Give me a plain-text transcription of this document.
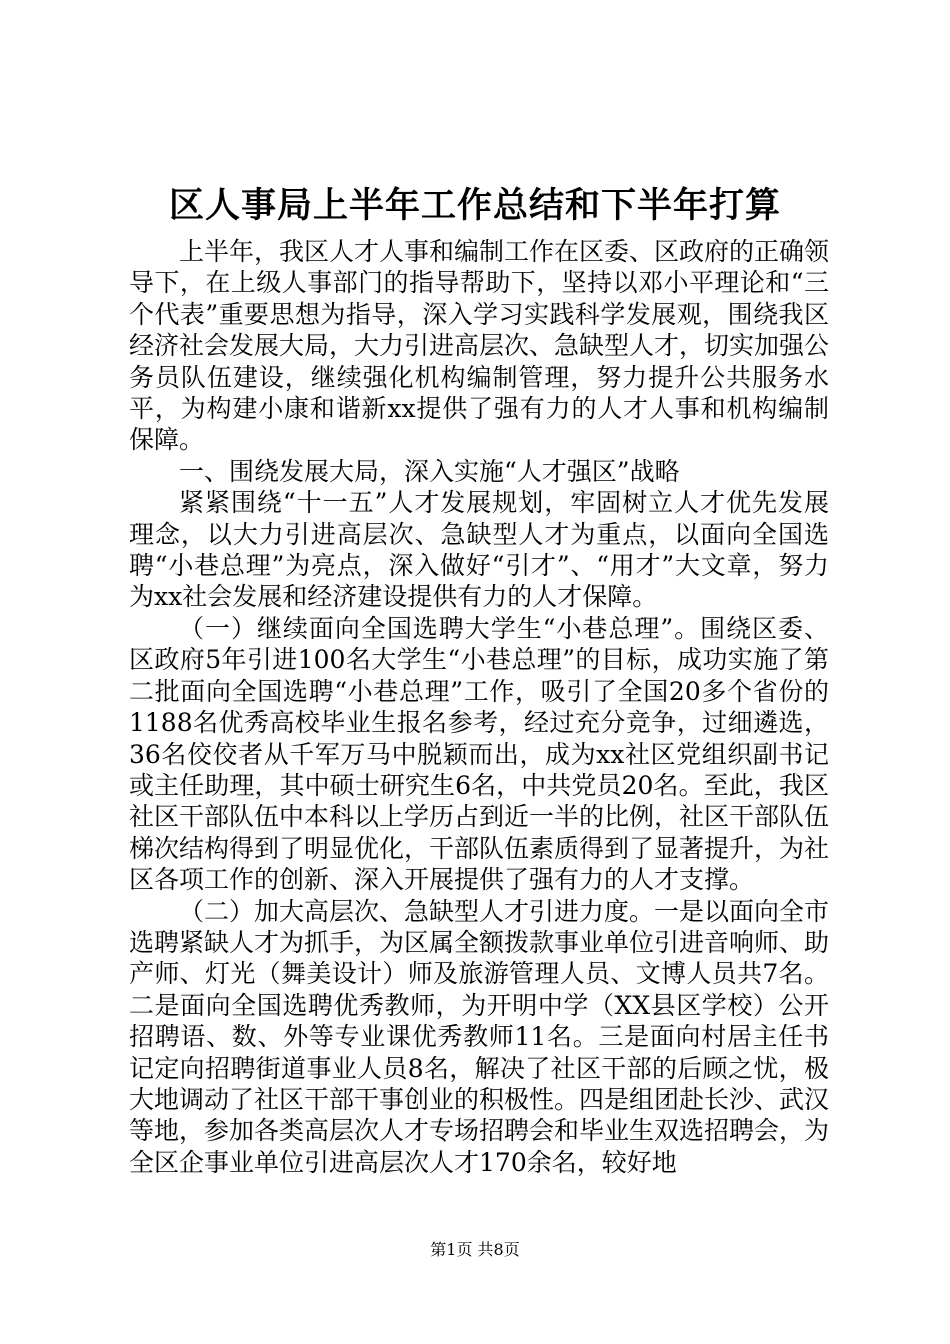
区人事局上半年工作总结和下半年打算

上半年，我区人才人事和编制工作在区委、区政府的正确领导下，在上级人事部门的指导帮助下，坚持以邓小平理论和“三个代表”重要思想为指导，深入学习实践科学发展观，围绕我区经济社会发展大局，大力引进高层次、急缺型人才，切实加强公务员队伍建设，继续强化机构编制管理，努力提升公共服务水平，为构建小康和谐新xx提供了强有力的人才人事和机构编制保障。

一、围绕发展大局，深入实施“人才强区”战略

紧紧围绕“十一五”人才发展规划，牢固树立人才优先发展理念，以大力引进高层次、急缺型人才为重点，以面向全国选聘“小巷总理”为亮点，深入做好“引才”、“用才”大文章，努力为xx社会发展和经济建设提供有力的人才保障。

（一）继续面向全国选聘大学生“小巷总理”。围绕区委、区政府5年引进100名大学生“小巷总理”的目标，成功实施了第二批面向全国选聘“小巷总理”工作，吸引了全国20多个省份的1188名优秀高校毕业生报名参考，经过充分竞争，过细遴选，36名佼佼者从千军万马中脱颖而出，成为xx社区党组织副书记或主任助理，其中硕士研究生6名，中共党员20名。至此，我区社区干部队伍中本科以上学历占到近一半的比例，社区干部队伍梯次结构得到了明显优化，干部队伍素质得到了显著提升，为社区各项工作的创新、深入开展提供了强有力的人才支撑。

（二）加大高层次、急缺型人才引进力度。一是以面向全市选聘紧缺人才为抓手，为区属全额拨款事业单位引进音响师、助产师、灯光（舞美设计）师及旅游管理人员、文博人员共7名。二是面向全国选聘优秀教师，为开明中学（XX县区学校）公开招聘语、数、外等专业课优秀教师11名。三是面向村居主任书记定向招聘街道事业人员8名，解决了社区干部的后顾之忧，极大地调动了社区干部干事创业的积极性。四是组团赴长沙、武汉等地，参加各类高层次人才专场招聘会和毕业生双选招聘会，为全区企事业单位引进高层次人才170余名，较好地

第1页 共8页
